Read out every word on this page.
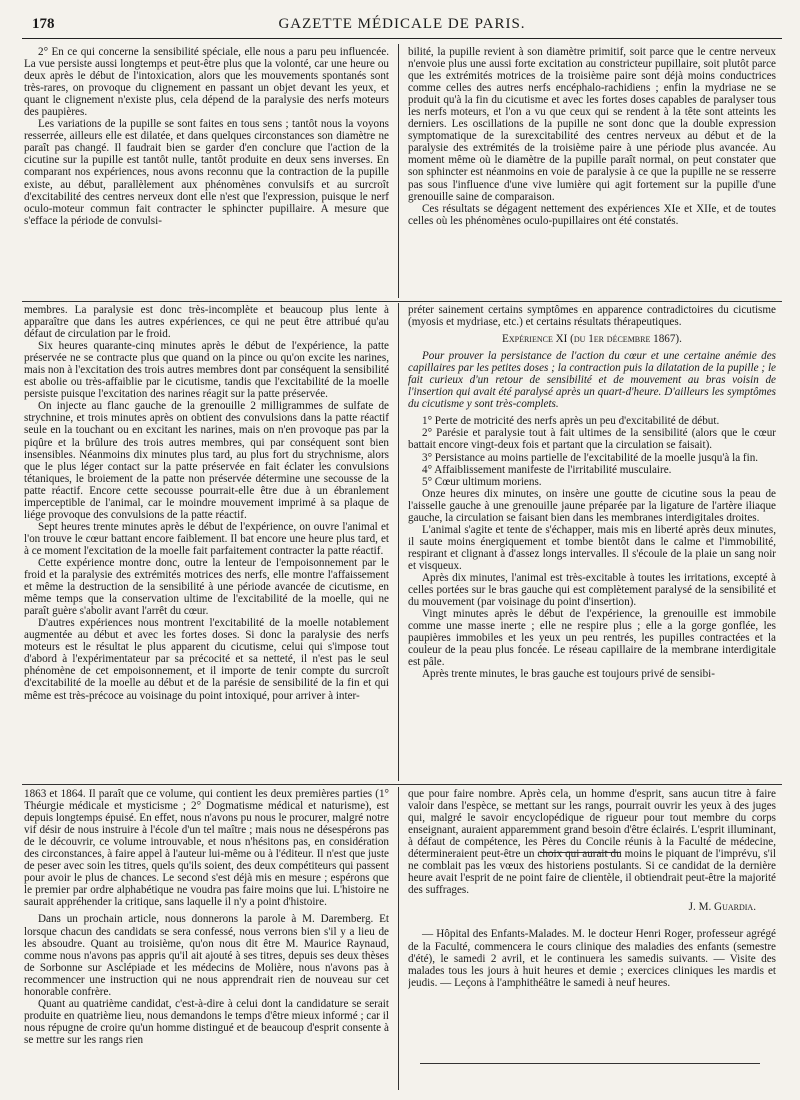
178	GAZETTE MÉDICALE DE PARIS.

2° En ce qui concerne la sensibilité spéciale, elle nous a paru peu influencée. La vue persiste aussi longtemps et peut-être plus que la volonté, car une heure ou deux après le début de l'intoxication, alors que les mouvements spontanés sont très-rares, on provoque du clignement en passant un objet devant les yeux, et quant le clignement n'existe plus, cela dépend de la paralysie des nerfs moteurs des paupières.

Les variations de la pupille se sont faites en tous sens ; tantôt nous la voyons resserrée, ailleurs elle est dilatée, et dans quelques circonstances son diamètre ne paraît pas changé. Il faudrait bien se garder d'en conclure que l'action de la cicutine sur la pupille est tantôt nulle, tantôt produite en deux sens inverses. En comparant nos expériences, nous avons reconnu que la contraction de la pupille existe, au début, parallèlement aux phénomènes convulsifs et au surcroît d'excitabilité des centres nerveux dont elle n'est que l'expression, puisque le nerf oculo-moteur commun fait contracter le sphincter pupillaire. A mesure que s'efface la période de convulsi-

bilité, la pupille revient à son diamètre primitif, soit parce que le centre nerveux n'envoie plus une aussi forte excitation au constricteur pupillaire, soit plutôt parce que les extrémités motrices de la troisième paire sont déjà moins conductrices comme celles des autres nerfs encéphalo-rachidiens ; enfin la mydriase ne se produit qu'à la fin du cicutisme et avec les fortes doses capables de paralyser tous les nerfs moteurs, et l'on a vu que ceux qui se rendent à la tête sont atteints les derniers. Les oscillations de la pupille ne sont donc que la double expression symptomatique de la surexcitabilité des centres nerveux au début et de la paralysie des extrémités de la troisième paire à une période plus avancée. Au moment même où le diamètre de la pupille paraît normal, on peut constater que son sphincter est néanmoins en voie de paralysie à ce que la pupille ne se resserre pas sous l'influence d'une vive lumière qui agit fortement sur la pupille d'une grenouille saine de comparaison.

Ces résultats se dégagent nettement des expériences XIe et XIIe, et de toutes celles où les phénomènes oculo-pupillaires ont été constatés.

membres. La paralysie est donc très-incomplète et beaucoup plus lente à apparaître que dans les autres expériences, ce qui ne peut être attribué qu'au défaut de circulation par le froid.

Six heures quarante-cinq minutes après le début de l'expérience, la patte préservée ne se contracte plus que quand on la pince ou qu'on excite les narines, mais non à l'excitation des trois autres membres dont par conséquent la sensibilité est abolie ou très-affaiblie par le cicutisme, tandis que l'excitabilité de la moelle persiste puisque l'excitation des narines réagit sur la patte préservée.

On injecte au flanc gauche de la grenouille 2 milligrammes de sulfate de strychnine, et trois minutes après on obtient des convulsions dans la patte réactif seule en la touchant ou en excitant les narines, mais on n'en provoque pas par la piqûre et la brûlure des trois autres membres, qui par conséquent sont bien insensibles. Néanmoins dix minutes plus tard, au plus fort du strychnisme, alors que le plus léger contact sur la patte préservée en fait éclater les convulsions tétaniques, le broiement de la patte non préservée détermine une secousse de la patte réactif. Encore cette secousse pourrait-elle être due à un ébranlement imperceptible de l'animal, car le moindre mouvement imprimé à sa plaque de liége provoque des convulsions de la patte réactif.

Sept heures trente minutes après le début de l'expérience, on ouvre l'animal et l'on trouve le cœur battant encore faiblement. Il bat encore une heure plus tard, et à ce moment l'excitation de la moelle fait parfaitement contracter la patte réactif.

Cette expérience montre donc, outre la lenteur de l'empoisonnement par le froid et la paralysie des extrémités motrices des nerfs, elle montre l'affaissement et même la destruction de la sensibilité à une période avancée de cicutisme, en même temps que la conservation ultime de l'excitabilité de la moelle, qui ne paraît guère s'abolir avant l'arrêt du cœur.

D'autres expériences nous montrent l'excitabilité de la moelle notablement augmentée au début et avec les fortes doses. Si donc la paralysie des nerfs moteurs est le résultat le plus apparent du cicutisme, celui qui s'impose tout d'abord à l'expérimentateur par sa précocité et sa netteté, il n'est pas le seul phénomène de cet empoisonnement, et il importe de tenir compte du surcroît d'excitabilité de la moelle au début et de la parésie de sensibilité de la fin et qui même est très-précoce au voisinage du point intoxiqué, pour arriver à inter-

préter sainement certains symptômes en apparence contradictoires du cicutisme (myosis et mydriase, etc.) et certains résultats thérapeutiques.

Expérience XI (du 1er décembre 1867).

Pour prouver la persistance de l'action du cœur et une certaine anémie des capillaires par les petites doses ; la contraction puis la dilatation de la pupille ; le fait curieux d'un retour de sensibilité et de mouvement au bras voisin de l'insertion qui avait été paralysé après un quart-d'heure. D'ailleurs les symptômes du cicutisme y sont très-complets.

1° Perte de motricité des nerfs après un peu d'excitabilité de début.

2° Parésie et paralysie tout à fait ultimes de la sensibilité (alors que le cœur battait encore vingt-deux fois et partant que la circulation se faisait).

3° Persistance au moins partielle de l'excitabilité de la moelle jusqu'à la fin.

4° Affaiblissement manifeste de l'irritabilité musculaire.

5° Cœur ultimum moriens.

Onze heures dix minutes, on insère une goutte de cicutine sous la peau de l'aisselle gauche à une grenouille jaune préparée par la ligature de l'artère iliaque gauche, la circulation se faisant bien dans les membranes interdigitales droites.

L'animal s'agite et tente de s'échapper, mais mis en liberté après deux minutes, il saute moins énergiquement et tombe bientôt dans le calme et l'immobilité, respirant et clignant à d'assez longs intervalles. Il s'écoule de la plaie un sang noir et visqueux.

Après dix minutes, l'animal est très-excitable à toutes les irritations, excepté à celles portées sur le bras gauche qui est complètement paralysé de la sensibilité et du mouvement (par voisinage du point d'insertion).

Vingt minutes après le début de l'expérience, la grenouille est immobile comme une masse inerte ; elle ne respire plus ; elle a la gorge gonflée, les paupières immobiles et les yeux un peu rentrés, les pupilles contractées et la couleur de la peau plus foncée. Le réseau capillaire de la membrane interdigitale est pâle.

Après trente minutes, le bras gauche est toujours privé de sensibi-

1863 et 1864. Il paraît que ce volume, qui contient les deux premières parties (1° Théurgie médicale et mysticisme ; 2° Dogmatisme médical et naturisme), est depuis longtemps épuisé. En effet, nous n'avons pu nous le procurer, malgré notre vif désir de nous instruire à l'école d'un tel maître ; mais nous ne désespérons pas de le découvrir, ce volume introuvable, et nous n'hésitons pas, en considération des circonstances, à faire appel à l'auteur lui-même ou à l'éditeur. Il n'est que juste de peser avec soin les titres, quels qu'ils soient, des deux compétiteurs qui passent pour avoir le plus de chances. Le second s'est déjà mis en mesure ; espérons que le premier par ordre alphabétique ne voudra pas faire moins que lui. L'histoire ne saurait appréhender la critique, sans laquelle il n'y a point d'histoire.

Dans un prochain article, nous donnerons la parole à M. Daremberg. Et lorsque chacun des candidats se sera confessé, nous verrons bien s'il y a lieu de les absoudre. Quant au troisième, qu'on nous dit être M. Maurice Raynaud, comme nous n'avons pas appris qu'il ait ajouté à ses titres, depuis ses deux thèses de Sorbonne sur Asclépiade et les médecins de Molière, nous n'avons pas à recommencer une instruction qui ne nous apprendrait rien de nouveau sur cet honorable confrère.

Quant au quatrième candidat, c'est-à-dire à celui dont la candidature se serait produite en quatrième lieu, nous demandons le temps d'être mieux informé ; car il nous répugne de croire qu'un homme distingué et de beaucoup d'esprit consente à se mettre sur les rangs rien

que pour faire nombre. Après cela, un homme d'esprit, sans aucun titre à faire valoir dans l'espèce, se mettant sur les rangs, pourrait ouvrir les yeux à des juges qui, malgré le savoir encyclopédique de rigueur pour tout membre du corps enseignant, auraient apparemment grand besoin d'être éclairés. L'esprit illuminant, à défaut de compétence, les Pères du Concile réunis à la Faculté de médecine, détermineraient peut-être un choix qui aurait du moins le piquant de l'imprévu, s'il ne comblait pas les vœux des historiens postulants. Si ce candidat de la dernière heure avait l'esprit de ne point faire de clientèle, il obtiendrait peut-être la majorité des suffrages.

J. M. Guardia.

— Hôpital des Enfants-Malades. M. le docteur Henri Roger, professeur agrégé de la Faculté, commencera le cours clinique des maladies des enfants (semestre d'été), le samedi 2 avril, et le continuera les samedis suivants. — Visite des malades tous les jours à huit heures et demie ; exercices cliniques les mardis et jeudis. — Leçons à l'amphithéâtre le samedi à neuf heures.
